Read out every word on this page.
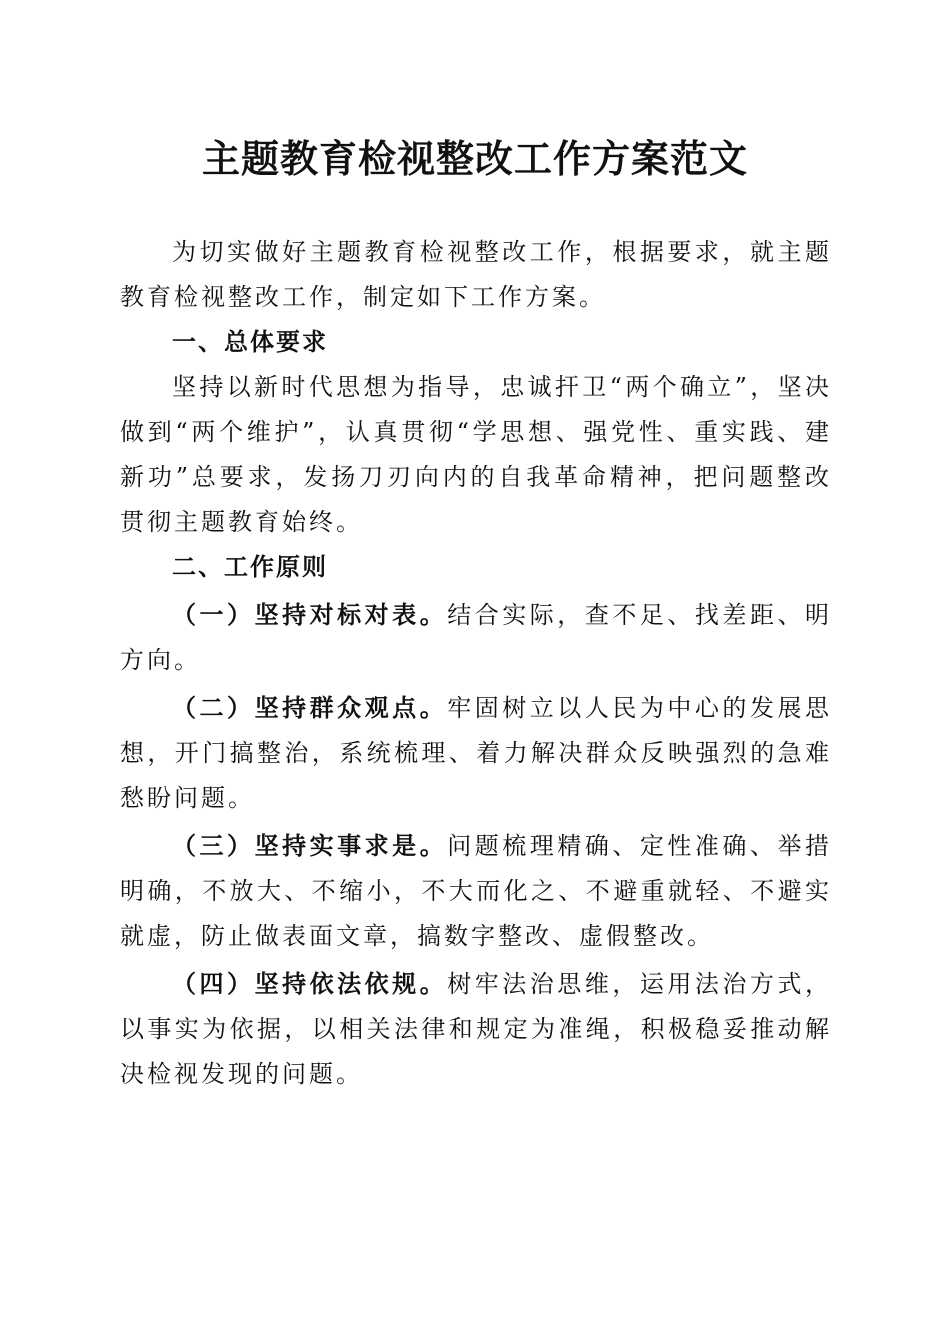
主题教育检视整改工作方案范文

为切实做好主题教育检视整改工作，根据要求，就主题教育检视整改工作，制定如下工作方案。

一、总体要求

坚持以新时代思想为指导，忠诚扞卫“两个确立”，坚决做到“两个维护”，认真贯彻“学思想、强党性、重实践、建新功”总要求，发扬刀刃向内的自我革命精神，把问题整改贯彻主题教育始终。

二、工作原则

（一）坚持对标对表。结合实际，查不足、找差距、明方向。

（二）坚持群众观点。牢固树立以人民为中心的发展思想，开门搞整治，系统梳理、着力解决群众反映强烈的急难愁盼问题。

（三）坚持实事求是。问题梳理精确、定性准确、举措明确，不放大、不缩小，不大而化之、不避重就轻、不避实就虚，防止做表面文章，搞数字整改、虚假整改。

（四）坚持依法依规。树牢法治思维，运用法治方式，以事实为依据，以相关法律和规定为准绳，积极稳妥推动解决检视发现的问题。
